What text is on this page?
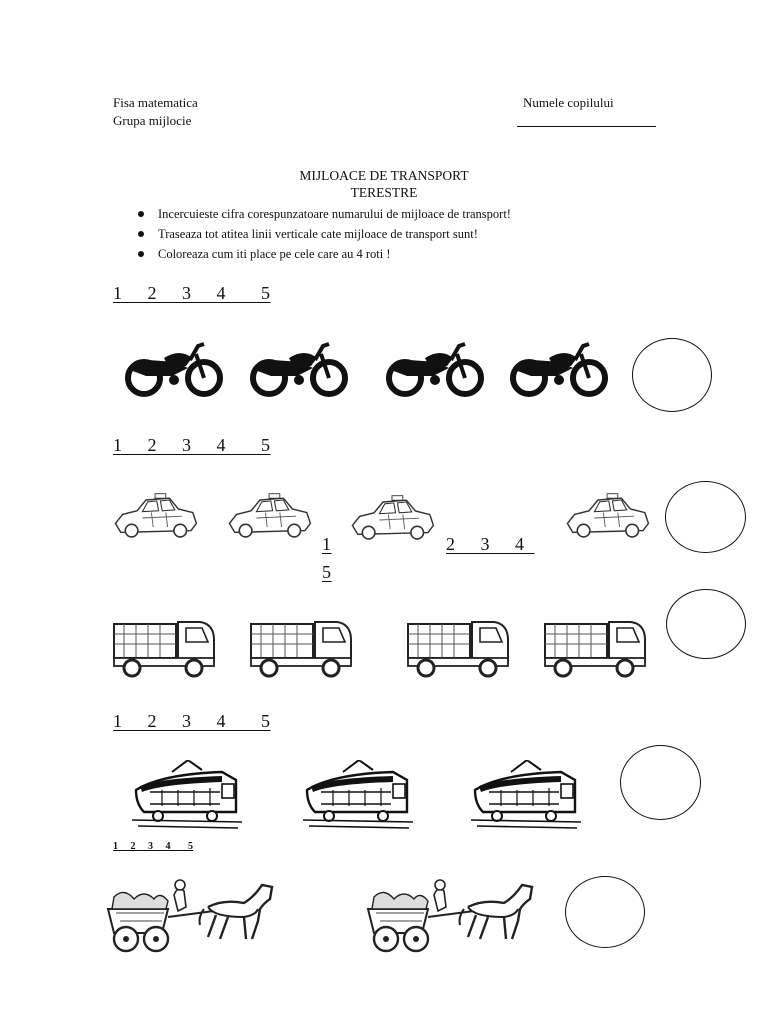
Fisa matematica
Grupa mijlocie
Numele copilului
MIJLOACE DE TRANSPORT
TERESTRE
Incercuieste cifra corespunzatoare numarului de mijloace de transport!
Traseaza tot atitea linii verticale cate mijloace de transport sunt!
Coloreaza cum iti place pe cele care au 4 roti !
1     2     3     4       5
1     2     3     4       5
1	2     3     4
5
1     2     3     4       5
1     2     3     4       5
